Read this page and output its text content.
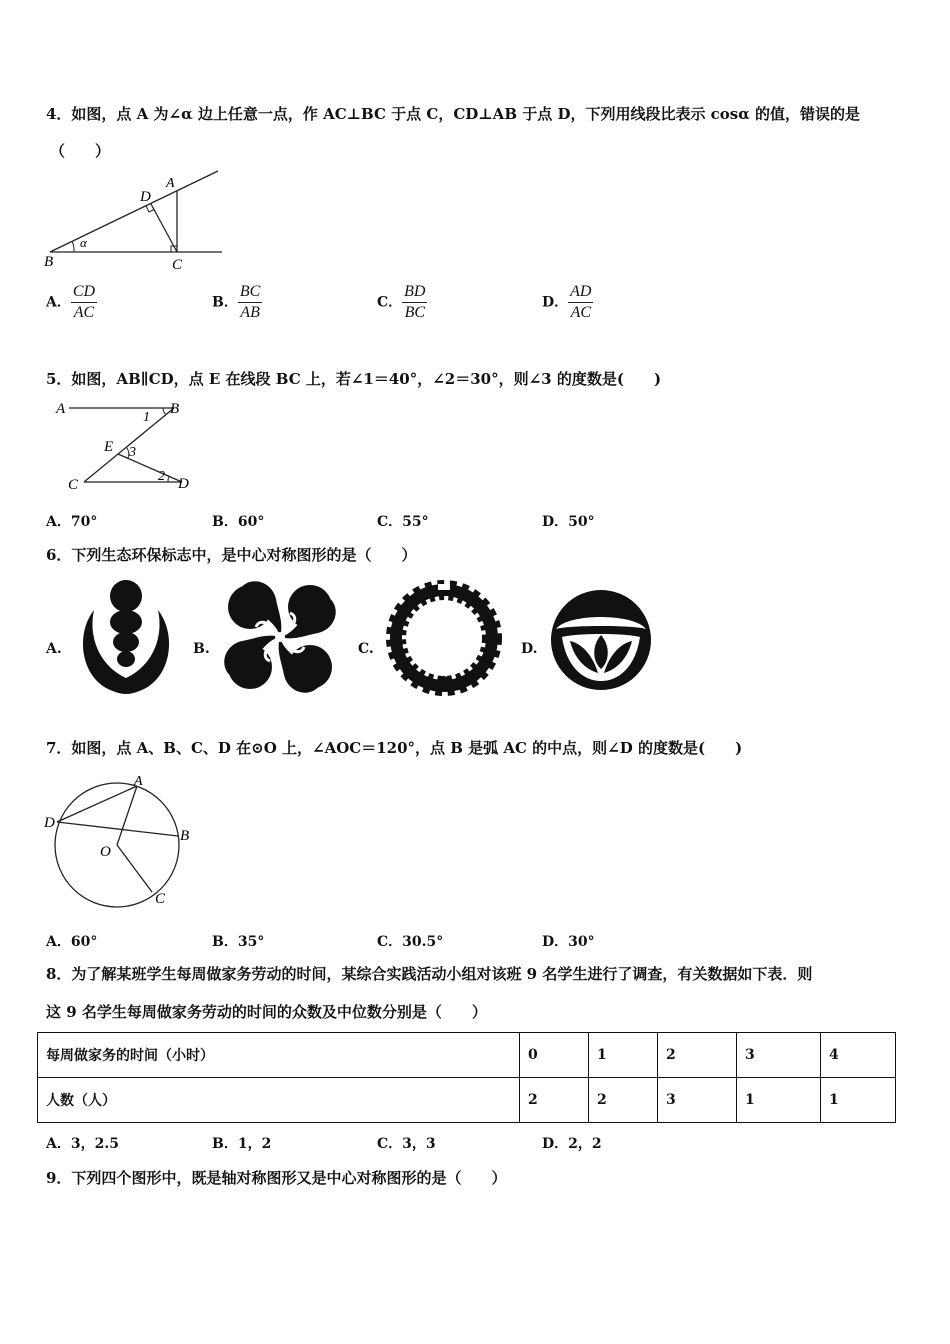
4．如图，点 A 为∠α 边上任意一点，作 AC⊥BC 于点 C，CD⊥AB 于点 D，下列用线段比表示 cosα 的值，错误的是
（　　）
α
B	C
D
A
A． $\frac{CD}{AC}$	B． $\frac{BC}{AB}$	C． $\frac{BD}{BC}$	D． $\frac{AD}{AC}$
5．如图，AB∥CD，点 E 在线段 BC 上，若∠1＝40°，∠2＝30°，则∠3 的度数是(　　)
A	B
C	D
E
1
2
3
A．70°	B．60°	C．55°	D．50°
6．下列生态环保标志中，是中心对称图形的是（　　）
A.	B.	C.	D.
7．如图，点 A、B、C、D 在⊙O 上，∠AOC＝120°，点 B 是弧 AC 的中点，则∠D 的度数是(　　)
A
B
C
D
O
A．60°	B．35°	C．30.5°	D．30°
8．为了解某班学生每周做家务劳动的时间，某综合实践活动小组对该班 9 名学生进行了调查，有关数据如下表．则
这 9 名学生每周做家务劳动的时间的众数及中位数分别是（　　）
每周做家务的时间（小时）	0	1	2	3	4
人数（人）	2	2	3	1	1
A．3，2.5	B．1，2	C．3，3	D．2，2
9．下列四个图形中，既是轴对称图形又是中心对称图形的是（　　）
